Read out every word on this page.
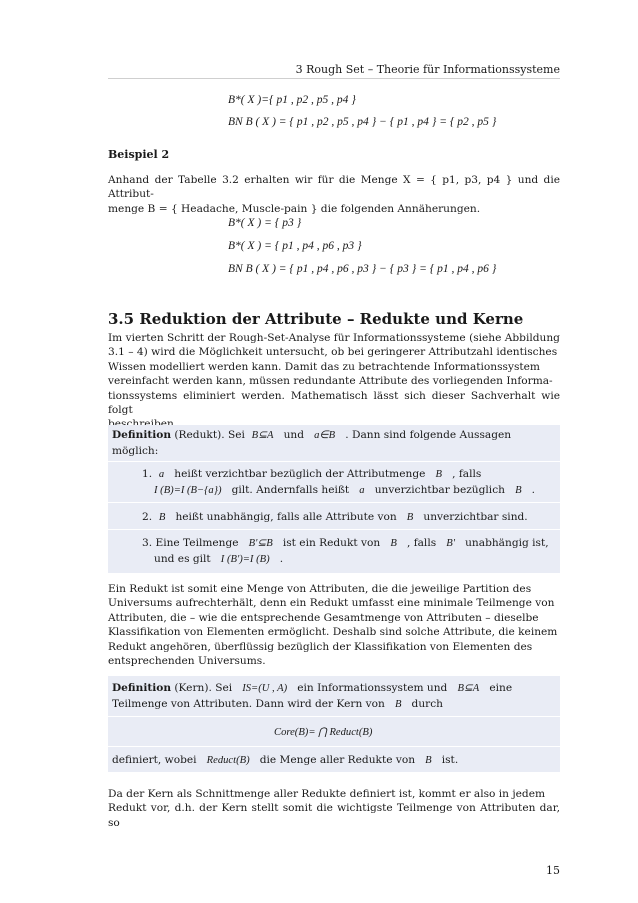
3 Rough Set – Theorie für Informationssysteme
B*( X )={ p1 , p2 , p5 , p4 }
BN B ( X ) = { p1 , p2 , p5 , p4 } − { p1 , p4 } = { p2 , p5 }
Beispiel 2
Anhand der Tabelle 3.2 erhalten wir für die Menge X = { p1, p3, p4 } und die Attribut-
menge B = { Headache, Muscle-pain } die folgenden Annäherungen.
B*( X ) = { p3 }
B*( X ) = { p1 , p4 , p6 , p3 }
BN B ( X ) = { p1 , p4 , p6 , p3 } − { p3 } = { p1 , p4 , p6 }
3.5 Reduktion der Attribute – Redukte und Kerne
Im vierten Schritt der Rough-Set-Analyse für Informationssysteme (siehe Abbildung
3.1 – 4) wird die Möglichkeit untersucht, ob bei geringerer Attributzahl identisches
Wissen modelliert werden kann. Damit das zu betrachtende Informationssystem
vereinfacht werden kann, müssen redundante Attribute des vorliegenden Informa-
tionssystems eliminiert werden. Mathematisch lässt sich dieser Sachverhalt wie folgt
Definition (Redukt). Sei B⊆A und a∈B . Dann sind folgende Aussagen
möglich:
1. a heißt verzichtbar bezüglich der Attributmenge B , falls
I (B)=I (B−{a}) gilt. Andernfalls heißt a unverzichtbar bezüglich B .
2. B heißt unabhängig, falls alle Attribute von B unverzichtbar sind.
3. Eine Teilmenge B'⊆B ist ein Redukt von B , falls B' unabhängig ist,
und es gilt I (B')=I (B) .
Ein Redukt ist somit eine Menge von Attributen, die die jeweilige Partition des
Universums aufrechterhält, denn ein Redukt umfasst eine minimale Teilmenge von
Attributen, die – wie die entsprechende Gesamtmenge von Attributen – dieselbe
Klassifikation von Elementen ermöglicht. Deshalb sind solche Attribute, die keinem
Redukt angehören, überflüssig bezüglich der Klassifikation von Elementen des
entsprechenden Universums.
Definition (Kern). Sei IS=(U , A) ein Informationssystem und B⊆A eine
Teilmenge von Attributen. Dann wird der Kern von B durch
Core(B)= ⋂ Reduct(B)
definiert, wobei Reduct(B) die Menge aller Redukte von B ist.
Da der Kern als Schnittmenge aller Redukte definiert ist, kommt er also in jedem
Redukt vor, d.h. der Kern stellt somit die wichtigste Teilmenge von Attributen dar, so
15
